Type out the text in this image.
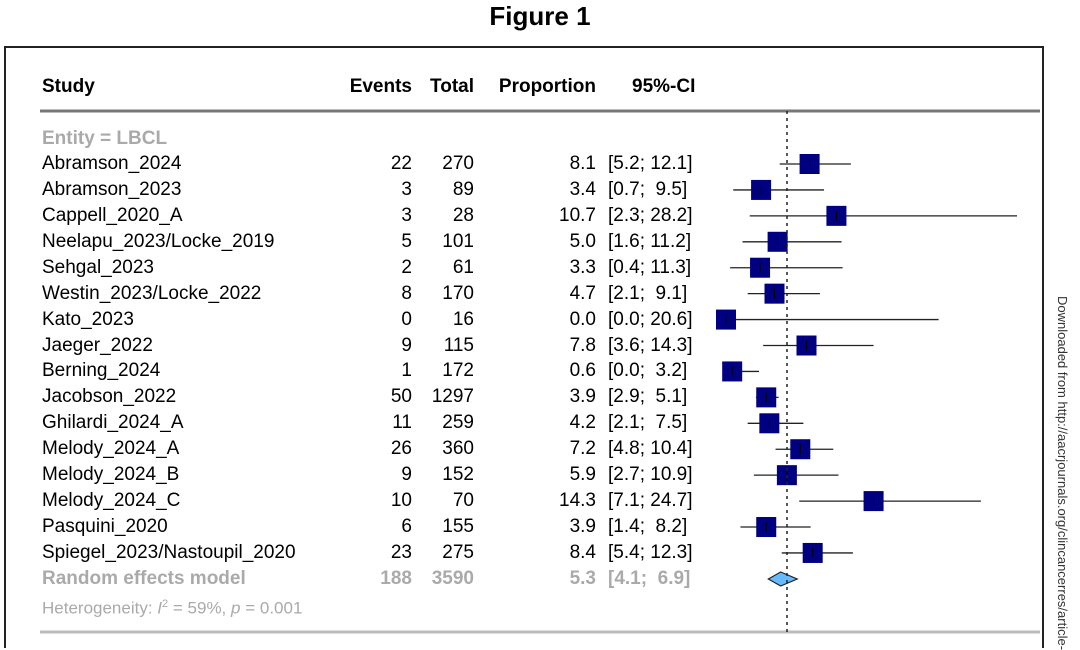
Figure 1
Downloaded from http://aacrjournals.org/clincancerres/article-
Study	Events Total	Proportion 95%-CI
Entity = LBCL
Abramson_2024	22	270	8.1 [5.2; 12.1]
Abramson_2023	3	89	3.4 [0.7;  9.5]
Cappell_2020_A	3	28	10.7 [2.3; 28.2]
Neelapu_2023/Locke_2019	5	101	5.0 [1.6; 11.2]
Sehgal_2023	2	61	3.3 [0.4; 11.3]
Westin_2023/Locke_2022	8	170	4.7 [2.1;  9.1]
Kato_2023	0	16	0.0 [0.0; 20.6]
Jaeger_2022	9	115	7.8 [3.6; 14.3]
Berning_2024	1	172	0.6 [0.0;  3.2]
Jacobson_2022	50	1297	3.9 [2.9;  5.1]
Ghilardi_2024_A	11	259	4.2 [2.1;  7.5]
Melody_2024_A	26	360	7.2 [4.8; 10.4]
Melody_2024_B	9	152	5.9 [2.7; 10.9]
Melody_2024_C	10	70	14.3 [7.1; 24.7]
Pasquini_2020	6	155	3.9 [1.4;  8.2]
Spiegel_2023/Nastoupil_2020	23	275	8.4 [5.4; 12.3]
Random effects model	188	3590	5.3 [4.1;  6.9]
Heterogeneity: $I^2 = 59\%$, p = 0.001
